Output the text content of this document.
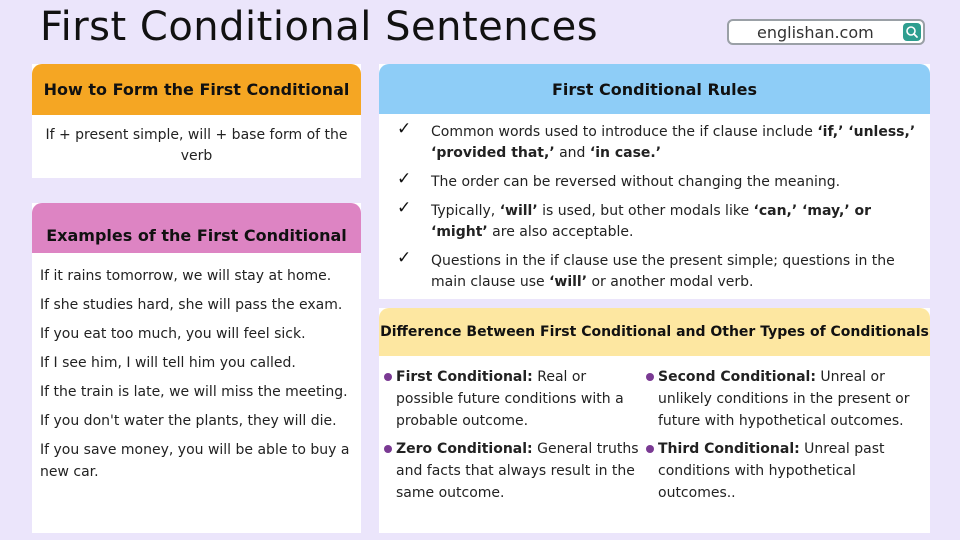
First Conditional Sentences	englishan.com
How to Form the First Conditional
If + present simple, will + base form of the verb
Examples of the First Conditional
If it rains tomorrow, we will stay at home.
If she studies hard, she will pass the exam.
If you eat too much, you will feel sick.
If I see him, I will tell him you called.
If the train is late, we will miss the meeting.
If you don't water the plants, they will die.
If you save money, you will be able to buy a new car.
First Conditional Rules
✓ Common words used to introduce the if clause include ‘if,’ ‘unless,’ ‘provided that,’ and ‘in case.’
✓ The order can be reversed without changing the meaning.
✓ Typically, ‘will’ is used, but other modals like ‘can,’ ‘may,’ or ‘might’ are also acceptable.
✓ Questions in the if clause use the present simple; questions in the main clause use ‘will’ or another modal verb.
Difference Between First Conditional and Other Types of Conditionals
First Conditional: Real or possible future conditions with a probable outcome.
Zero Conditional: General truths and facts that always result in the same outcome.
Second Conditional: Unreal or unlikely conditions in the present or future with hypothetical outcomes.
Third Conditional: Unreal past conditions with hypothetical outcomes..
